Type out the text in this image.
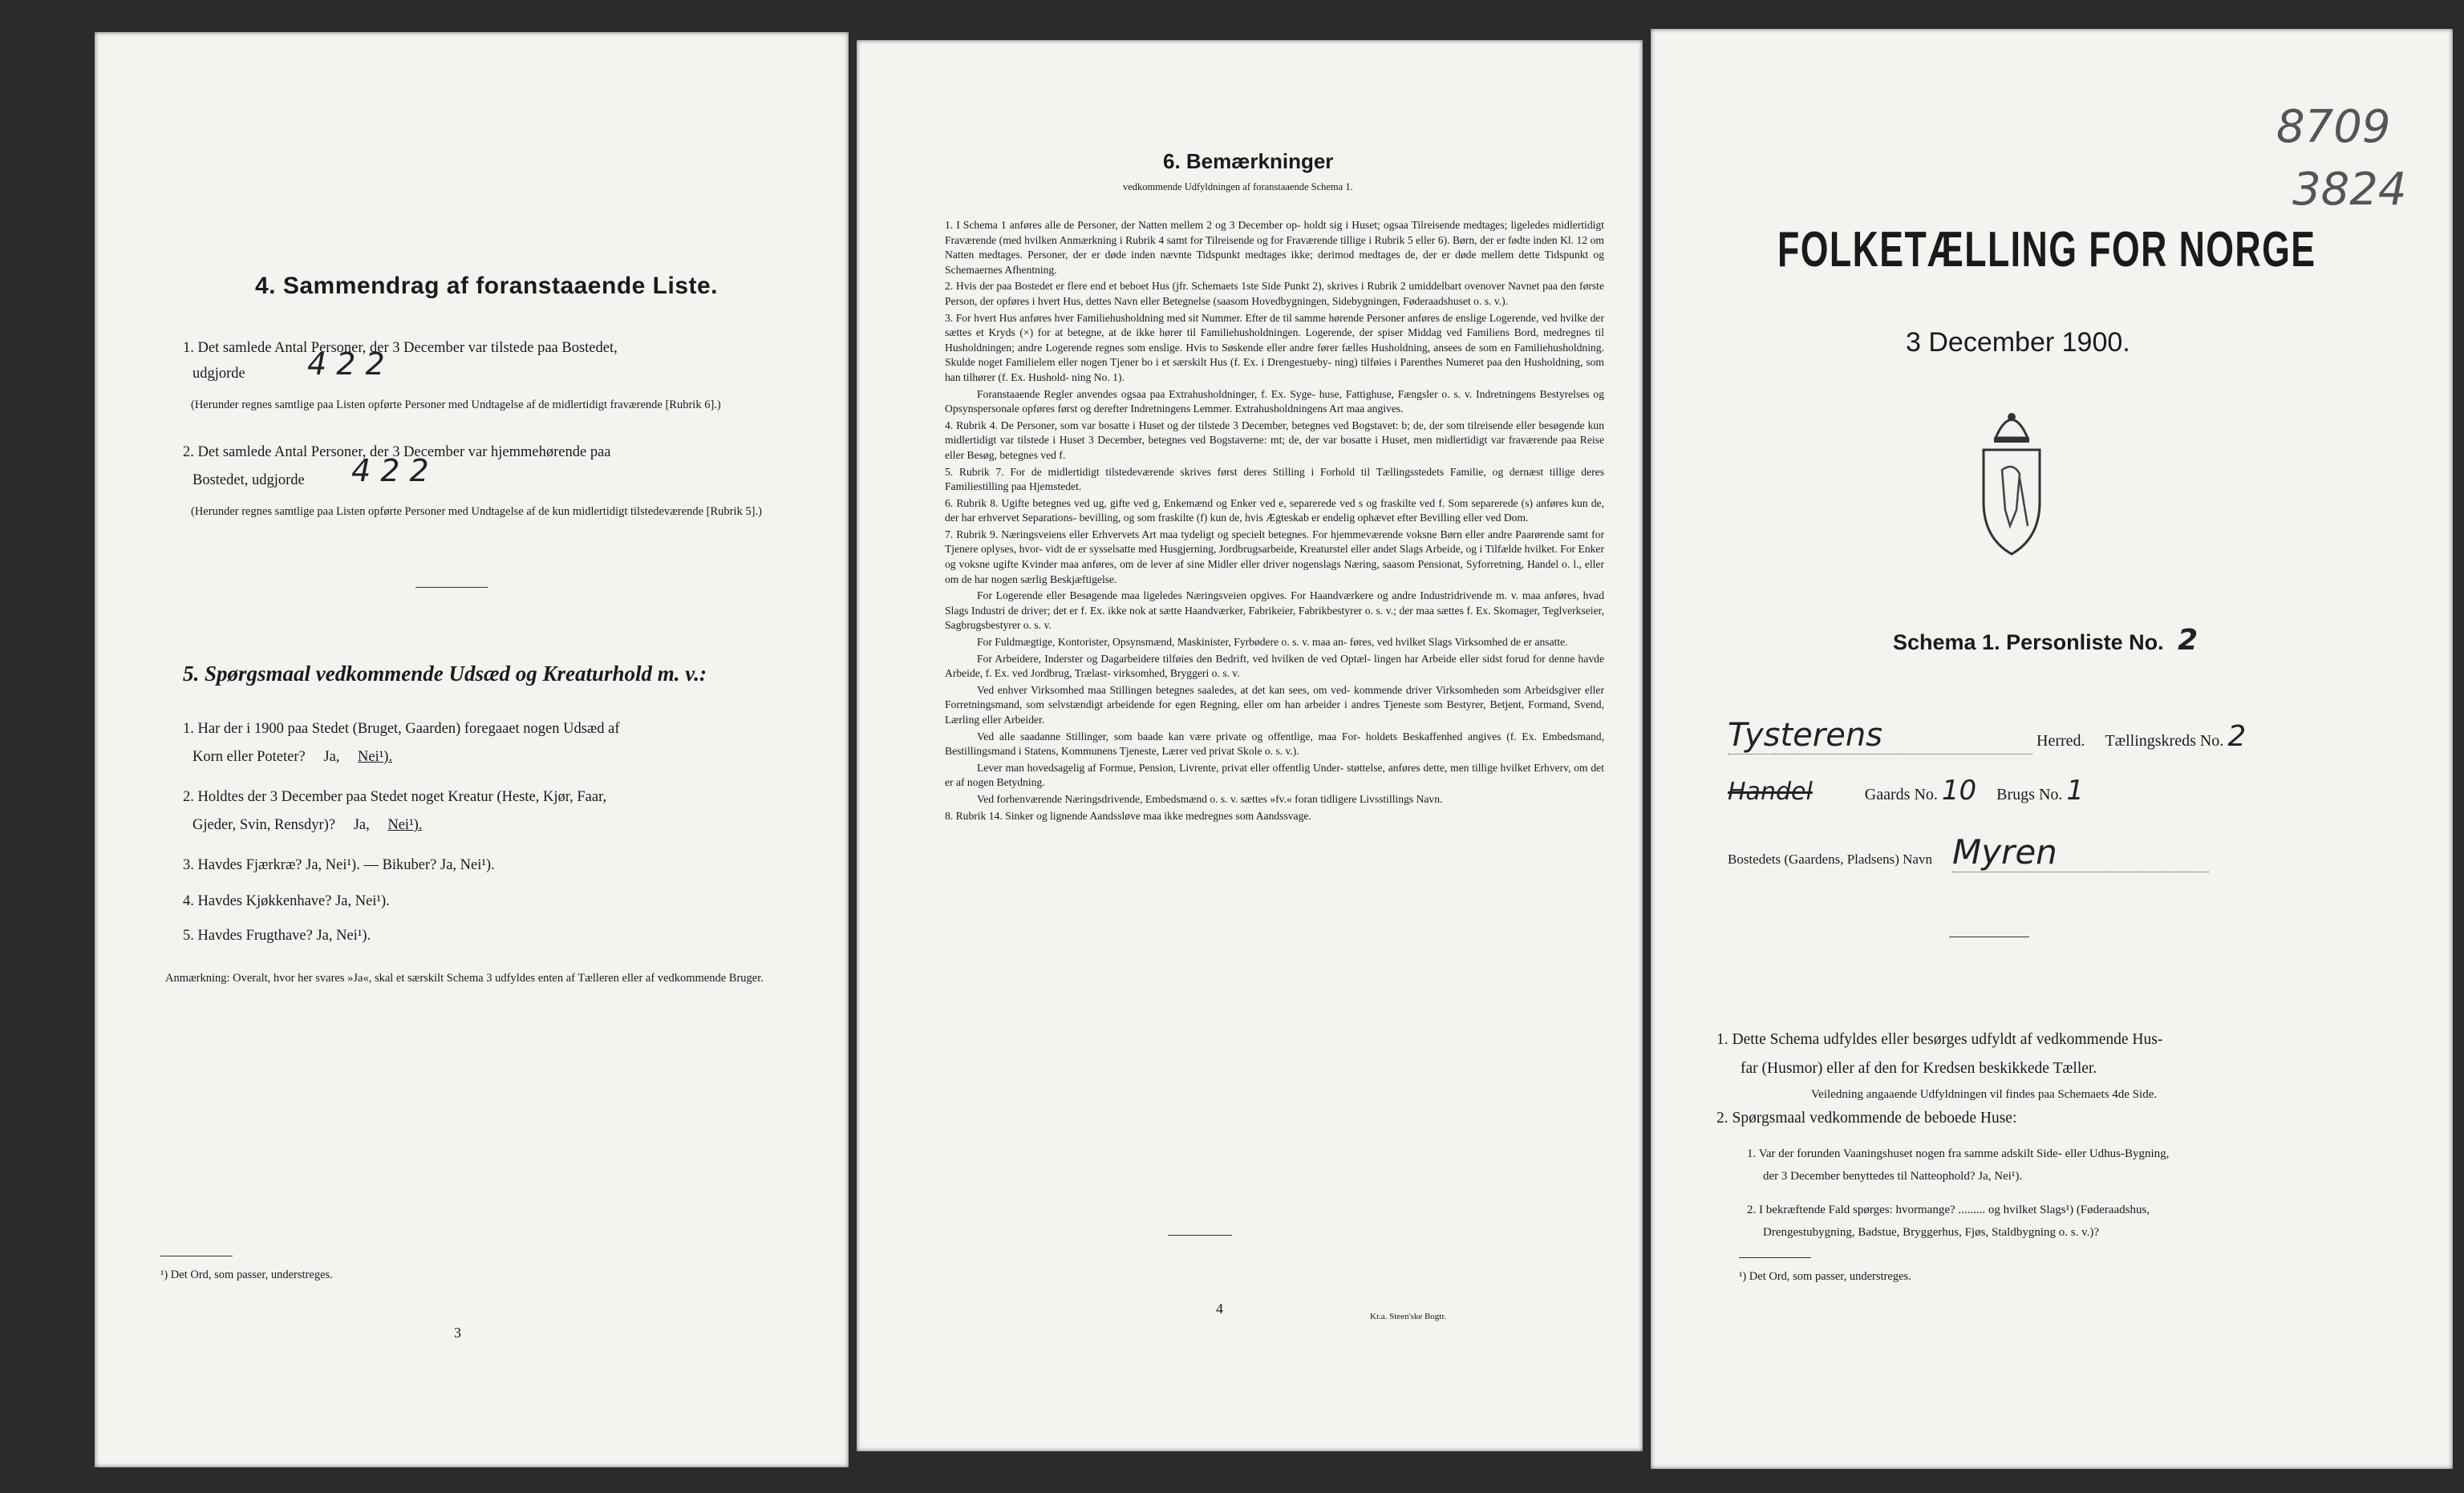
4. Sammendrag af foranstaaende Liste.
1. Det samlede Antal Personer, der 3 December var tilstede paa Bostedet,
udgjorde 4 2 2
(Herunder regnes samtlige paa Listen opførte Personer med Undtagelse af de midlertidigt fraværende [Rubrik 6].)
2. Det samlede Antal Personer, der 3 December var hjemmehørende paa
Bostedet, udgjorde 4 2 2
(Herunder regnes samtlige paa Listen opførte Personer med Undtagelse af de kun midlertidigt tilstedeværende [Rubrik 5].)
5. Spørgsmaal vedkommende Udsæd og Kreaturhold m. v.:
1. Har der i 1900 paa Stedet (Bruget, Gaarden) foregaaet nogen Udsæd af
Korn eller Poteter? Ja, Nei¹).
2. Holdtes der 3 December paa Stedet noget Kreatur (Heste, Kjør, Faar,
Gjeder, Svin, Rensdyr)? Ja, Nei¹).
3. Havdes Fjærkræ? Ja, Nei¹). — Bikuber? Ja, Nei¹).
4. Havdes Kjøkkenhave? Ja, Nei¹).
5. Havdes Frugthave? Ja, Nei¹).
Anmærkning: Overalt, hvor her svares »Ja«, skal et særskilt Schema 3 udfyldes enten af Tælleren eller af vedkommende Bruger.
¹) Det Ord, som passer, understreges.
3
6. Bemærkninger
vedkommende Udfyldningen af foranstaaende Schema 1.

1. I Schema 1 anføres alle de Personer, der Natten mellem 2 og 3 December op- holdt sig i Huset; ogsaa Tilreisende medtages; ligeledes midlertidigt Fraværende (med hvilken Anmærkning i Rubrik 4 samt for Tilreisende og for Fraværende tillige i Rubrik 5 eller 6). Børn, der er fødte inden Kl. 12 om Natten medtages. Personer, der er døde inden nævnte Tidspunkt medtages ikke; derimod medtages de, der er døde mellem dette Tidspunkt og Schemaernes Afhentning.

2. Hvis der paa Bostedet er flere end et beboet Hus (jfr. Schemaets 1ste Side Punkt 2), skrives i Rubrik 2 umiddelbart ovenover Navnet paa den første Person, der opføres i hvert Hus, dettes Navn eller Betegnelse (saasom Hovedbygningen, Sidebygningen, Føderaadshuset o. s. v.).

3. For hvert Hus anføres hver Familiehusholdning med sit Nummer. Efter de til samme hørende Personer anføres de enslige Logerende, ved hvilke der sættes et Kryds (×) for at betegne, at de ikke hører til Familiehusholdningen. Logerende, der spiser Middag ved Familiens Bord, medregnes til Husholdningen; andre Logerende regnes som enslige. Hvis to Søskende eller andre fører fælles Husholdning, ansees de som en Familiehusholdning. Skulde noget Familielem eller nogen Tjener bo i et særskilt Hus (f. Ex. i Drengestueby- ning) tilføies i Parenthes Numeret paa den Husholdning, som han tilhører (f. Ex. Hushold- ning No. 1).

Foranstaaende Regler anvendes ogsaa paa Extrahusholdninger, f. Ex. Syge- huse, Fattighuse, Fængsler o. s. v. Indretningens Bestyrelses og Opsynspersonale opføres først og derefter Indretningens Lemmer. Extrahusholdningens Art maa angives.

4. Rubrik 4. De Personer, som var bosatte i Huset og der tilstede 3 December, betegnes ved Bogstavet: b; de, der som tilreisende eller besøgende kun midlertidigt var tilstede i Huset 3 December, betegnes ved Bogstaverne: mt; de, der var bosatte i Huset, men midlertidigt var fraværende paa Reise eller Besøg, betegnes ved f.

5. Rubrik 7. For de midlertidigt tilstedeværende skrives først deres Stilling i Forhold til Tællingsstedets Familie, og dernæst tillige deres Familiestilling paa Hjemstedet.

6. Rubrik 8. Ugifte betegnes ved ug, gifte ved g, Enkemænd og Enker ved e, separerede ved s og fraskilte ved f. Som separerede (s) anføres kun de, der har erhvervet Separations- bevilling, og som fraskilte (f) kun de, hvis Ægteskab er endelig ophævet efter Bevilling eller ved Dom.

7. Rubrik 9. Næringsveiens eller Erhvervets Art maa tydeligt og specielt betegnes. For hjemmeværende voksne Børn eller andre Paarørende samt for Tjenere oplyses, hvor- vidt de er sysselsatte med Husgjerning, Jordbrugsarbeide, Kreaturstel eller andet Slags Arbeide, og i Tilfælde hvilket. For Enker og voksne ugifte Kvinder maa anføres, om de lever af sine Midler eller driver nogenslags Næring, saasom Pensionat, Syforretning, Handel o. l., eller om de har nogen særlig Beskjæftigelse.

For Logerende eller Besøgende maa ligeledes Næringsveien opgives. For Haandværkere og andre Industridrivende m. v. maa anføres, hvad Slags Industri de driver; det er f. Ex. ikke nok at sætte Haandværker, Fabrikeier, Fabrikbestyrer o. s. v.; der maa sættes f. Ex. Skomager, Teglverkseier, Sagbrugsbestyrer o. s. v.

For Fuldmægtige, Kontorister, Opsynsmænd, Maskinister, Fyrbødere o. s. v. maa an- føres, ved hvilket Slags Virksomhed de er ansatte.

For Arbeidere, Inderster og Dagarbeidere tilføies den Bedrift, ved hvilken de ved Optæl- lingen har Arbeide eller sidst forud for denne havde Arbeide, f. Ex. ved Jordbrug, Trælast- virksomhed, Bryggeri o. s. v.

Ved enhver Virksomhed maa Stillingen betegnes saaledes, at det kan sees, om ved- kommende driver Virksomheden som Arbeidsgiver eller Forretningsmand, som selvstændigt arbeidende for egen Regning, eller om han arbeider i andres Tjeneste som Bestyrer, Betjent, Formand, Svend, Lærling eller Arbeider.

Ved alle saadanne Stillinger, som baade kan være private og offentlige, maa For- holdets Beskaffenhed angives (f. Ex. Embedsmand, Bestillingsmand i Statens, Kommunens Tjeneste, Lærer ved privat Skole o. s. v.).

Lever man hovedsagelig af Formue, Pension, Livrente, privat eller offentlig Under- støttelse, anføres dette, men tillige hvilket Erhverv, om det er af nogen Betydning.

Ved forhenværende Næringsdrivende, Embedsmænd o. s. v. sættes »fv.« foran tidligere Livsstillings Navn.

8. Rubrik 14. Sinker og lignende Aandssløve maa ikke medregnes som Aandssvage.

4	Kr.a. Steen'ske Bogtr.
8709
3824
FOLKETÆLLING FOR NORGE
3 December 1900.
Schema 1. Personliste No. 2
Tysterens	Herred. Tællingskreds No. 2
Handel	Gaards No. 10 Brugs No. 1
Bostedets (Gaardens, Pladsens) Navn Myren
1. Dette Schema udfyldes eller besørges udfyldt af vedkommende Hus-
far (Husmor) eller af den for Kredsen beskikkede Tæller.
Veiledning angaaende Udfyldningen vil findes paa Schemaets 4de Side.
2. Spørgsmaal vedkommende de beboede Huse:
1. Var der forunden Vaaningshuset nogen fra samme adskilt Side- eller Udhus-Bygning,
der 3 December benyttedes til Natteophold? Ja, Nei¹).
2. I bekræftende Fald spørges: hvormange? ......... og hvilket Slags¹) (Føderaadshus,
Drengestubygning, Badstue, Bryggerhus, Fjøs, Staldbygning o. s. v.)?
¹) Det Ord, som passer, understreges.
